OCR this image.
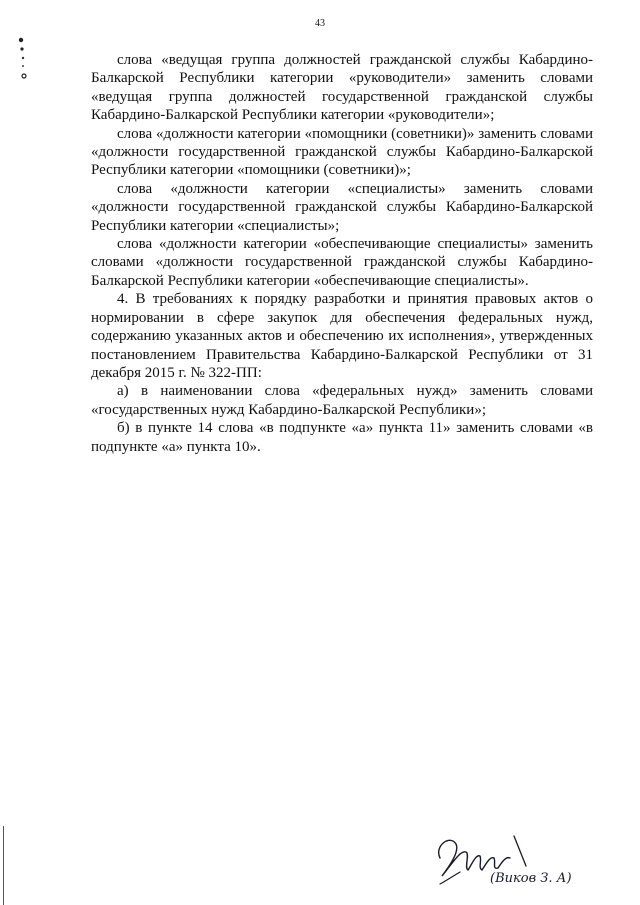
43

слова «ведущая группа должностей гражданской службы Кабардино-Балкарской Республики категории «руководители» заменить словами «ведущая группа должностей государственной гражданской службы Кабардино-Балкарской Республики категории «руководители»;

слова «должности категории «помощники (советники)» заменить словами «должности государственной гражданской службы Кабардино-Балкарской Республики категории «помощники (советники)»;

слова «должности категории «специалисты» заменить словами «должности государственной гражданской службы Кабардино-Балкарской Республики категории «специалисты»;

слова «должности категории «обеспечивающие специалисты» заменить словами «должности государственной гражданской службы Кабардино-Балкарской Республики категории «обеспечивающие специалисты».

4. В требованиях к порядку разработки и принятия правовых актов о нормировании в сфере закупок для обеспечения федеральных нужд, содержанию указанных актов и обеспечению их исполнения», утвержденных постановлением Правительства Кабардино-Балкарской Республики от 31 декабря 2015 г. № 322-ПП:

а) в наименовании слова «федеральных нужд» заменить словами «государственных нужд Кабардино-Балкарской Республики»;

б) в пункте 14 слова «в подпункте «а» пункта 11» заменить словами «в подпункте «а» пункта 10».

(Виков З. А)
